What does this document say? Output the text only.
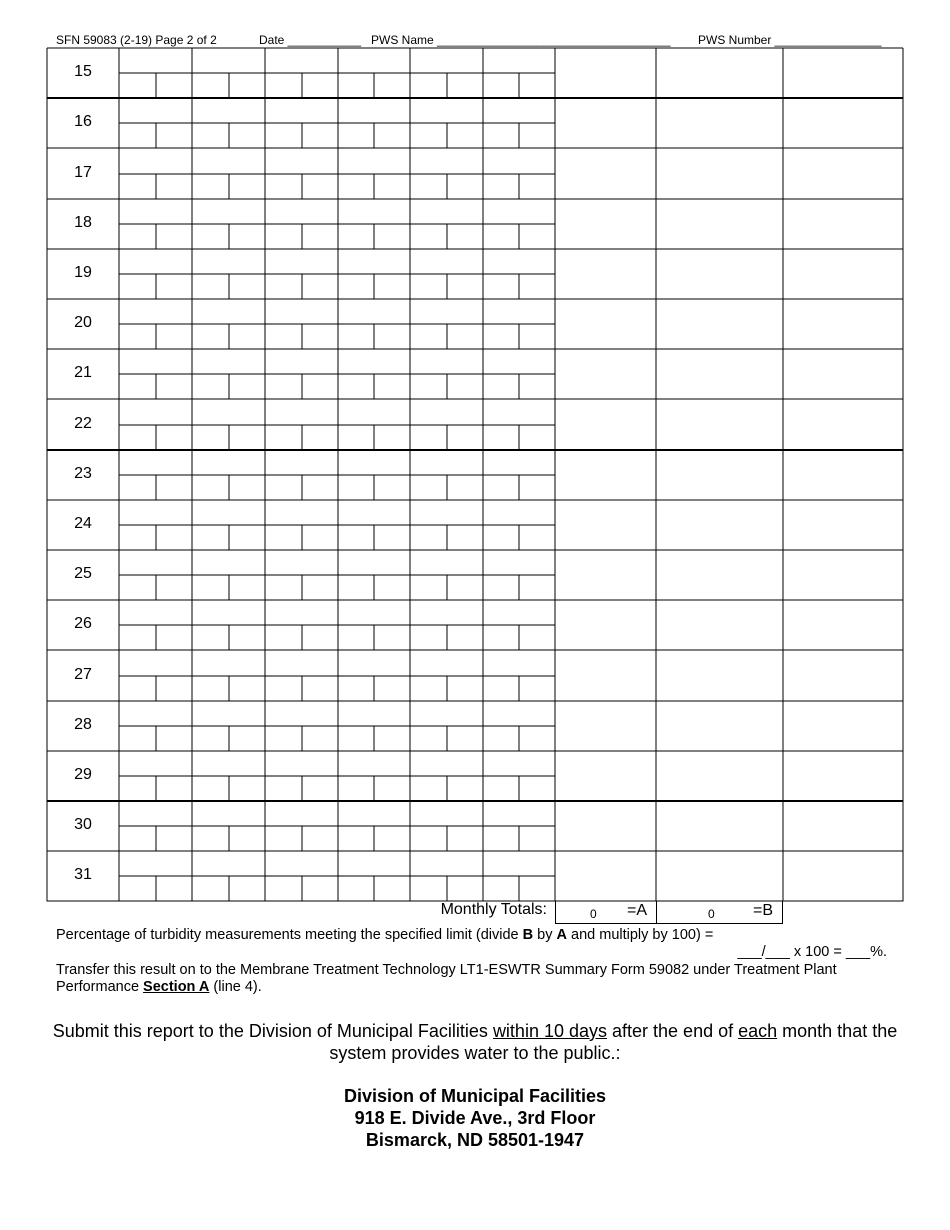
SFN 59083 (2-19) Page 2 of 2	Date ___________ PWS Name ___________________________________ PWS Number ________________
15
16
17
18
19
20
21
22
23
24
25
26
27
28
29
30
31
Monthly Totals:	0 =A	0 =B
Percentage of turbidity measurements meeting the specified limit (divide B by A and multiply by 100) =
___/___ x 100 = ___%.
Transfer this result on to the Membrane Treatment Technology LT1-ESWTR Summary Form 59082 under Treatment Plant Performance Section A (line 4).
Submit this report to the Division of Municipal Facilities within 10 days after the end of each month that the system provides water to the public.:
Division of Municipal Facilities
918 E. Divide Ave., 3rd Floor
Bismarck, ND 58501-1947
